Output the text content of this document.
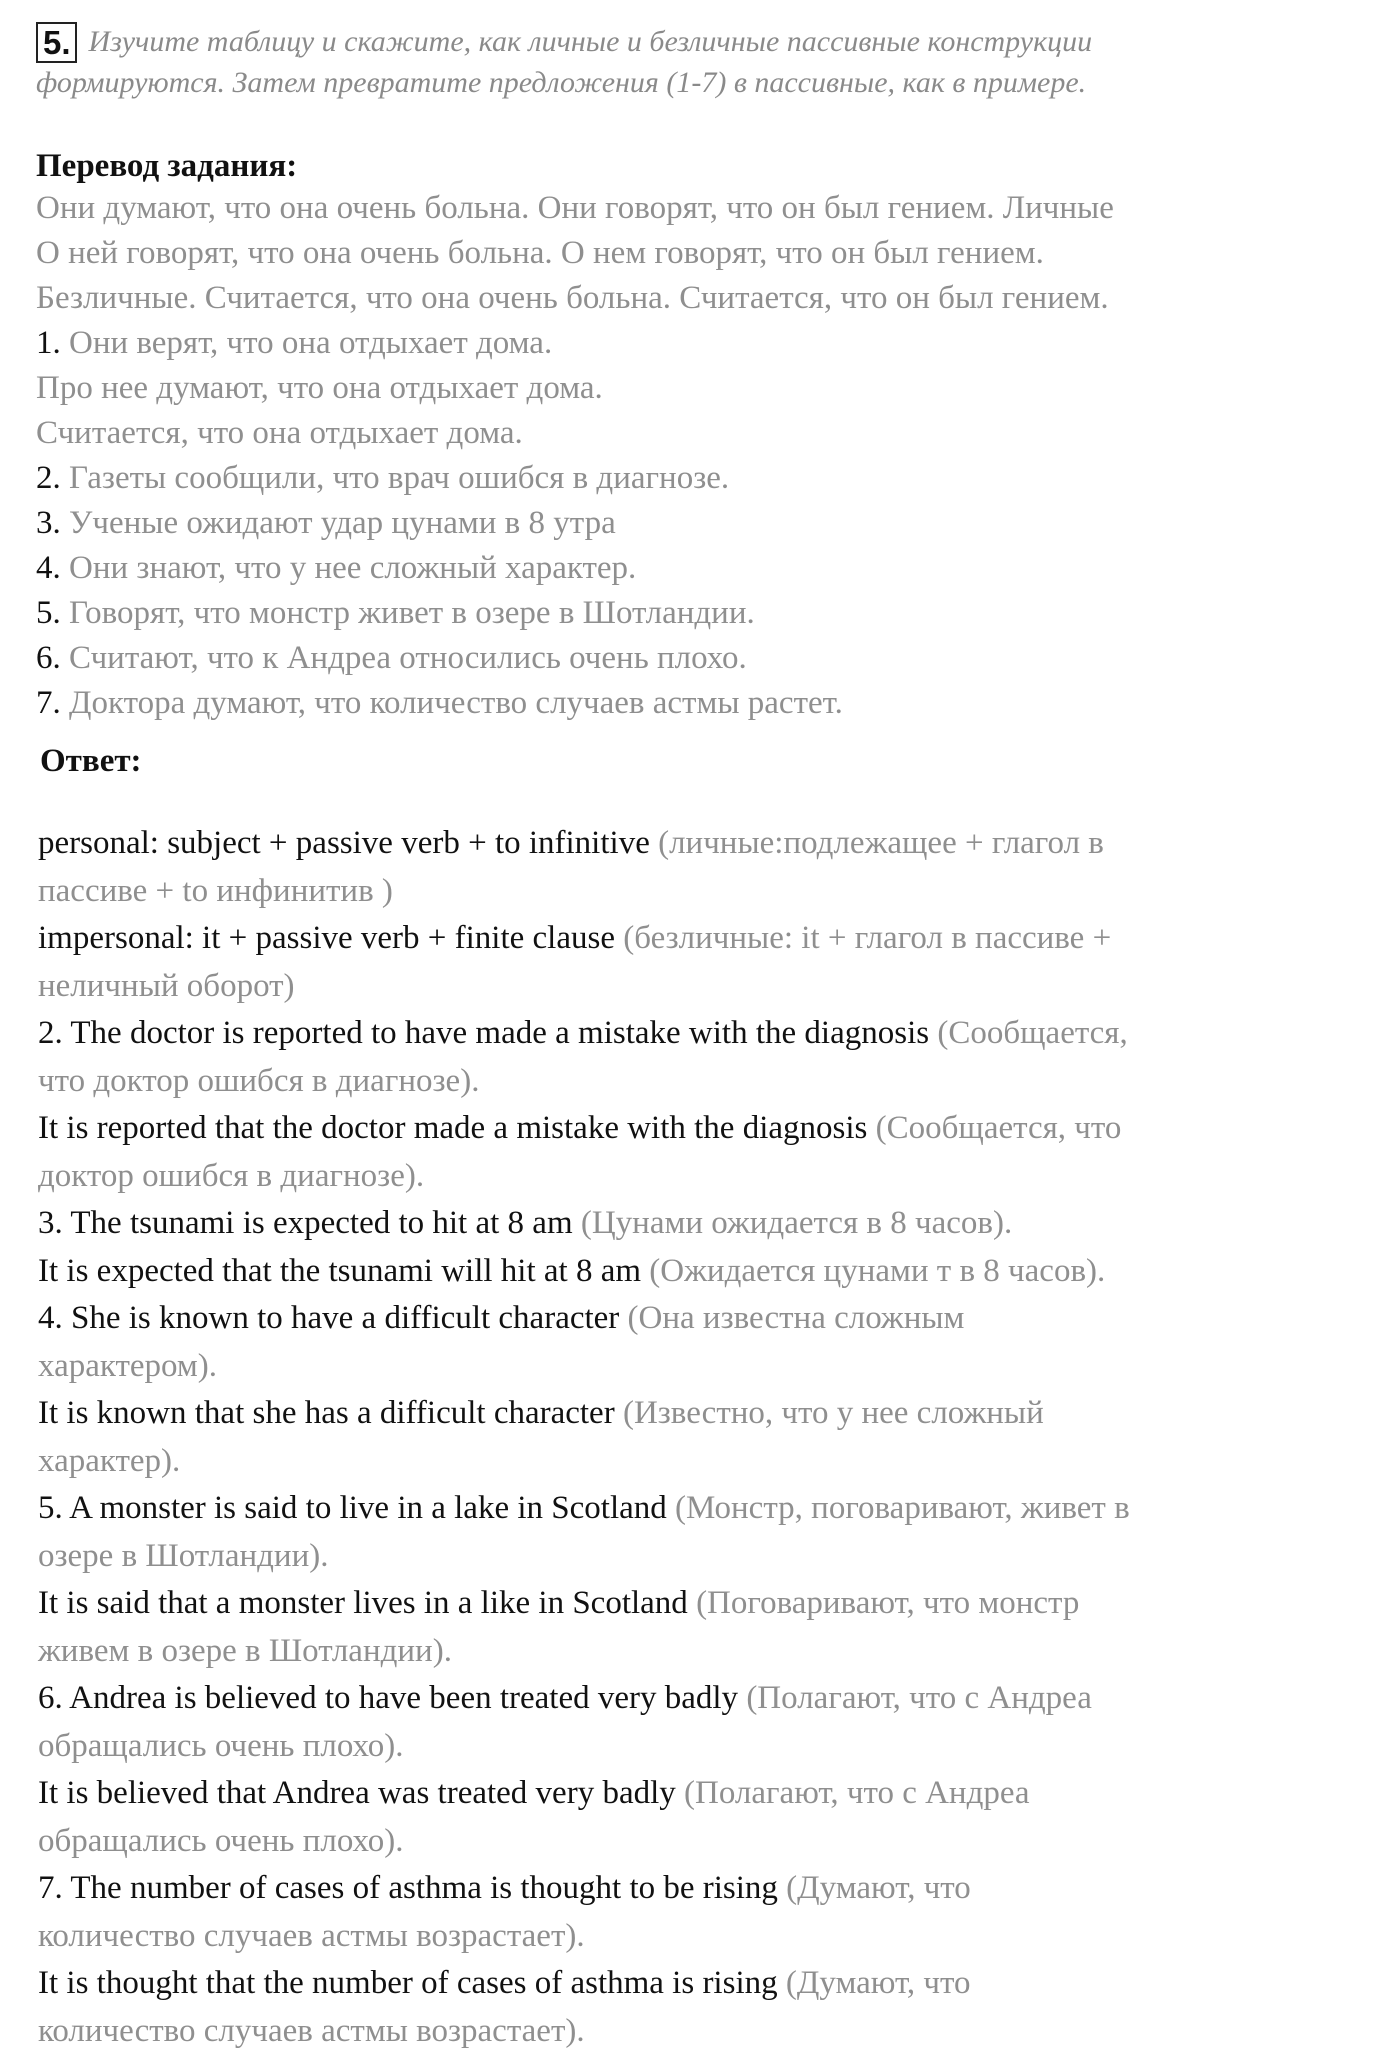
5. Изучите таблицу и скажите, как личные и безличные пассивные конструкции
формируются. Затем превратите предложения (1-7) в пассивные, как в примере.
Перевод задания:
Они думают, что она очень больна. Они говорят, что он был гением. Личные
О ней говорят, что она очень больна. О нем говорят, что он был гением.
Безличные. Считается, что она очень больна. Считается, что он был гением.
1. Они верят, что она отдыхает дома.
Про нее думают, что она отдыхает дома.
Считается, что она отдыхает дома.
2. Газеты сообщили, что врач ошибся в диагнозе.
3. Ученые ожидают удар цунами в 8 утра
4. Они знают, что у нее сложный характер.
5. Говорят, что монстр живет в озере в Шотландии.
6. Считают, что к Андреа относились очень плохо.
7. Доктора думают, что количество случаев астмы растет.
Ответ:
personal: subject + passive verb + to infinitive (личные:подлежащее + глагол в
пассиве + to инфинитив )
impersonal: it + passive verb + finite clause (безличные: it + глагол в пассиве +
неличный оборот)
2. The doctor is reported to have made a mistake with the diagnosis (Сообщается,
что доктор ошибся в диагнозе).
It is reported that the doctor made a mistake with the diagnosis (Сообщается, что
доктор ошибся в диагнозе).
3. The tsunami is expected to hit at 8 am (Цунами ожидается в 8 часов).
It is expected that the tsunami will hit at 8 am (Ожидается цунами т в 8 часов).
4. She is known to have a difficult character (Она известна сложным
характером).
It is known that she has a difficult character (Известно, что у нее сложный
характер).
5. A monster is said to live in a lake in Scotland (Монстр, поговаривают, живет в
озере в Шотландии).
It is said that a monster lives in a like in Scotland (Поговаривают, что монстр
живем в озере в Шотландии).
6. Andrea is believed to have been treated very badly (Полагают, что с Андреа
обращались очень плохо).
It is believed that Andrea was treated very badly (Полагают, что с Андреа
обращались очень плохо).
7. The number of cases of asthma is thought to be rising (Думают, что
количество случаев астмы возрастает).
It is thought that the number of cases of asthma is rising (Думают, что
количество случаев астмы возрастает).
